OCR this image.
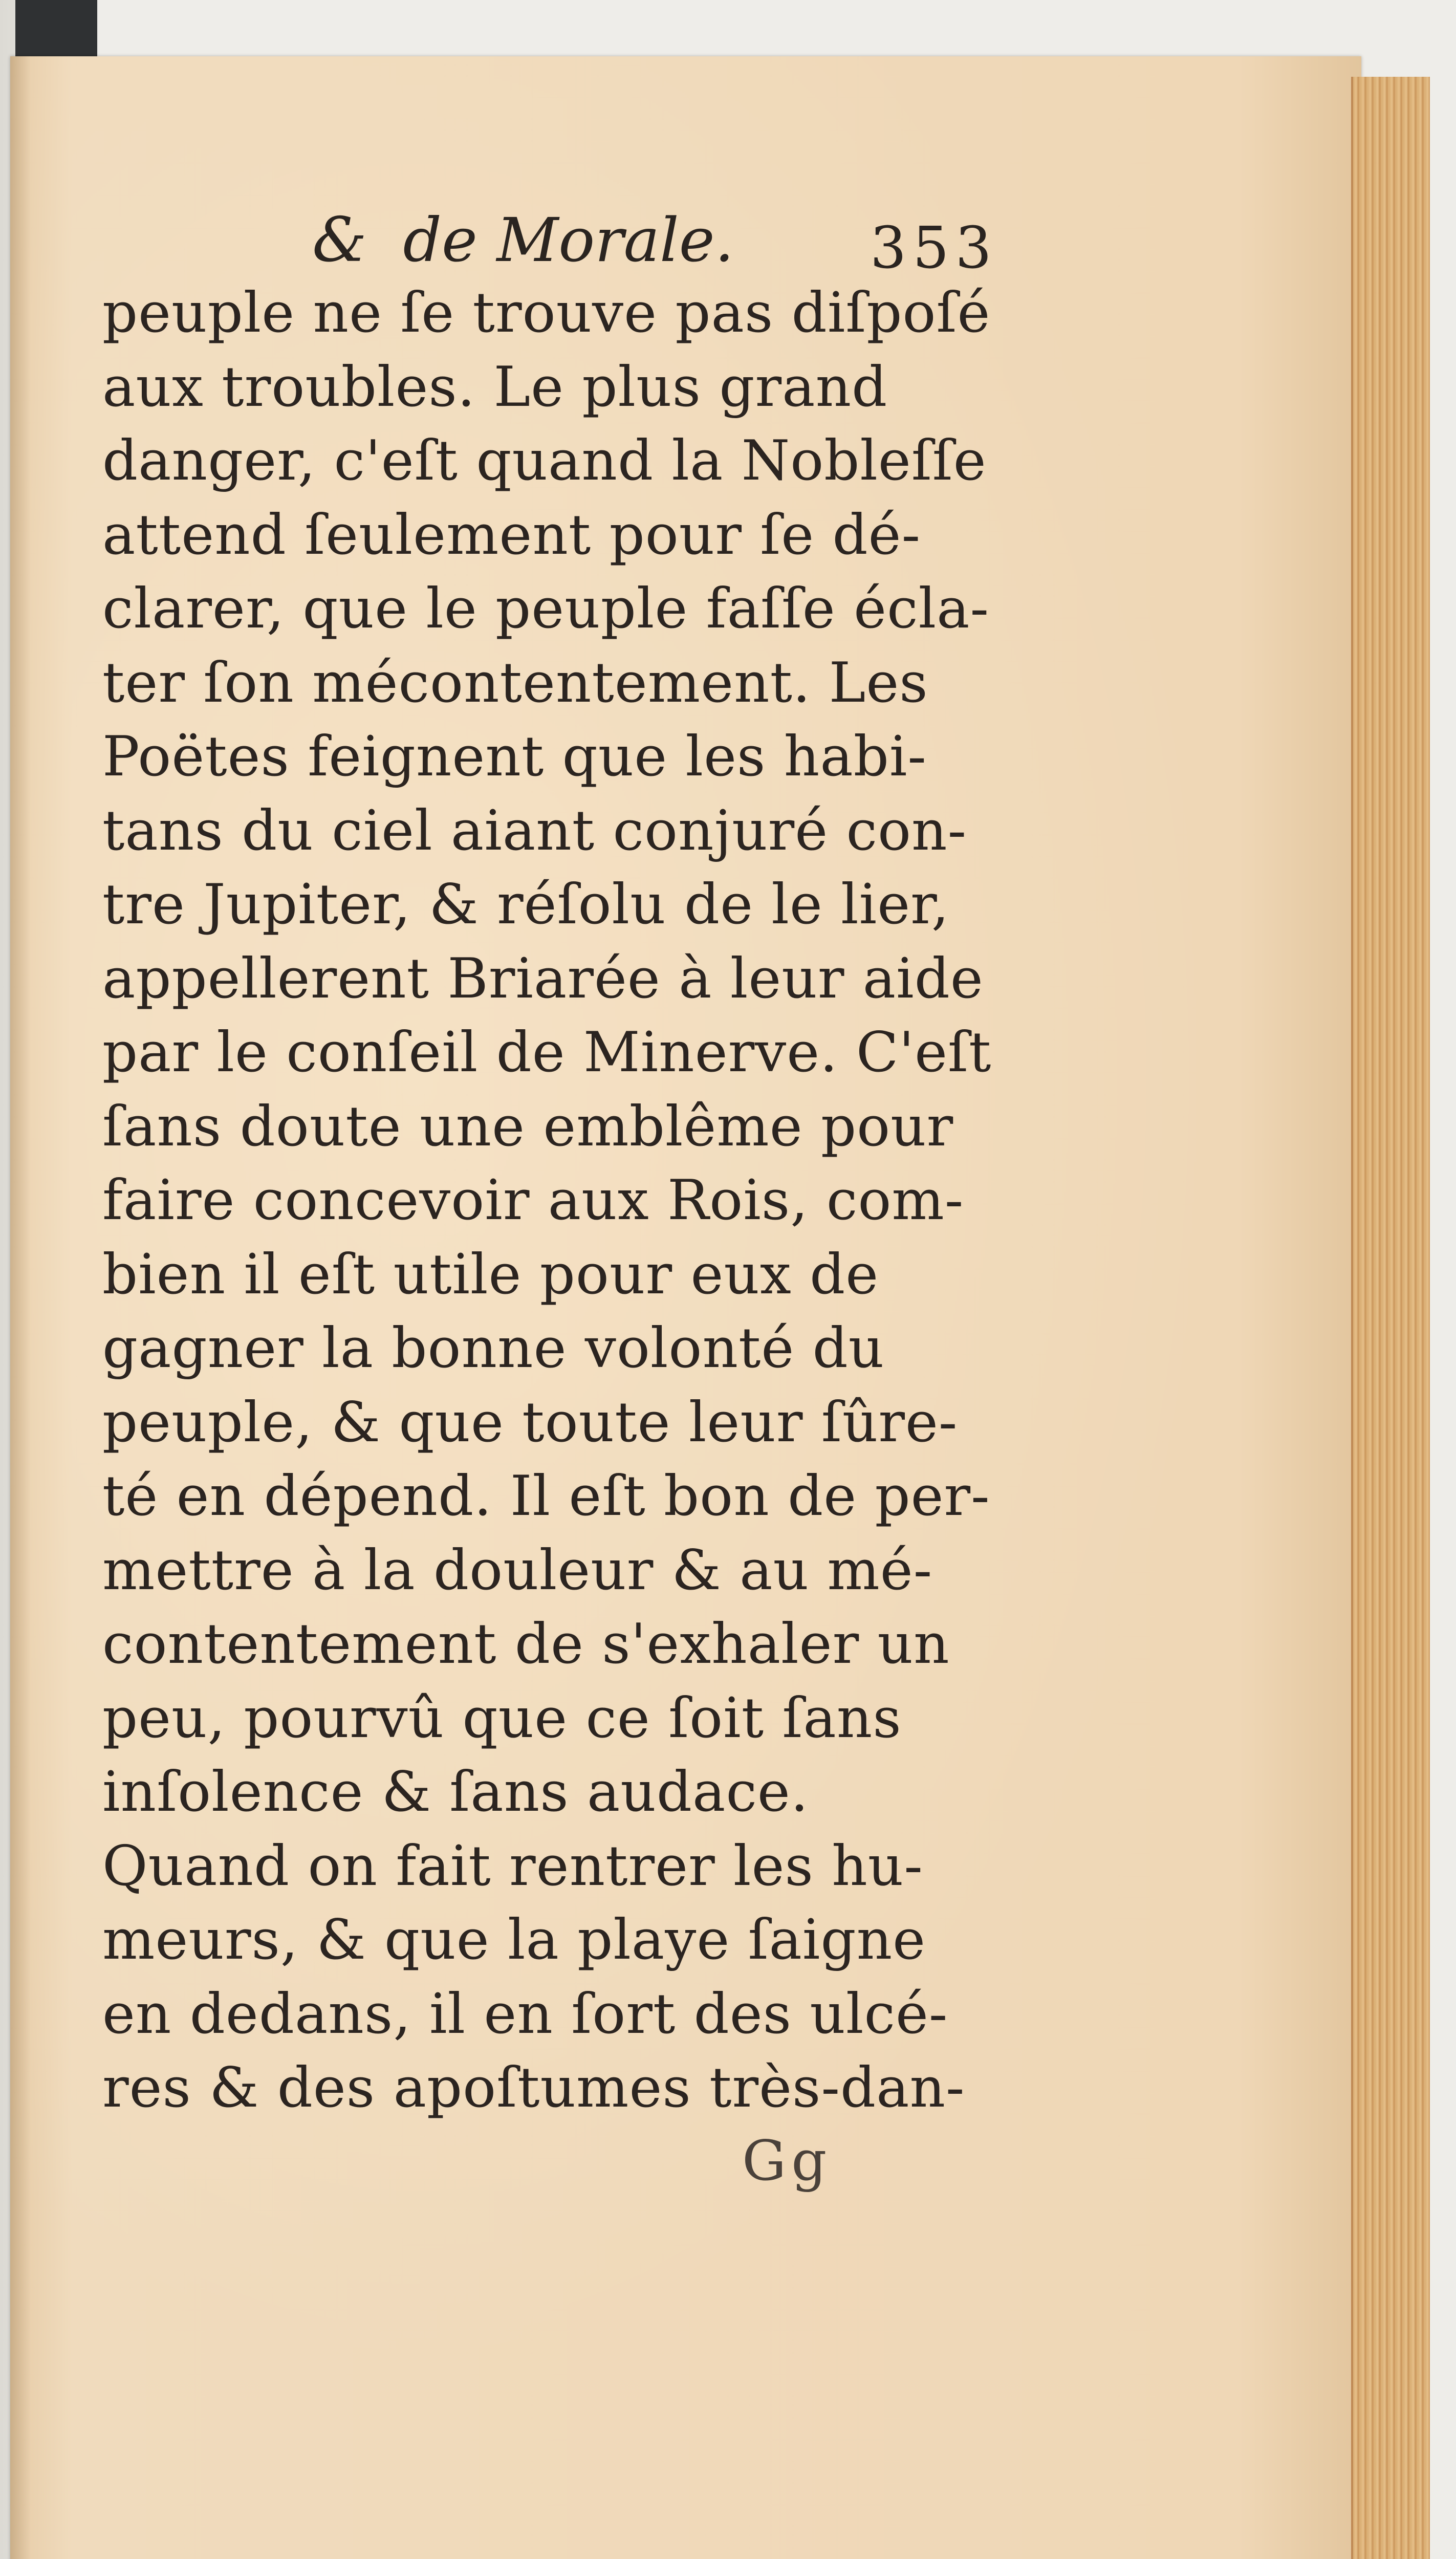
& de Morale.	353
peuple ne ſe trouve pas diſpoſé
aux troubles. Le plus grand
danger, c'eſt quand la Nobleſſe
attend ſeulement pour ſe dé-
clarer, que le peuple faſſe écla-
ter ſon mécontentement. Les
Poëtes feignent que les habi-
tans du ciel aiant conjuré con-
tre Jupiter, & réſolu de le lier,
appellerent Briarée à leur aide
par le conſeil de Minerve. C'eſt
ſans doute une emblême pour
faire concevoir aux Rois, com-
bien il eſt utile pour eux de
gagner la bonne volonté du
peuple, & que toute leur ſûre-
té en dépend. Il eſt bon de per-
mettre à la douleur & au mé-
contentement de s'exhaler un
peu, pourvû que ce ſoit ſans
inſolence & ſans audace.
Quand on fait rentrer les hu-
meurs, & que la playe ſaigne
en dedans, il en ſort des ulcé-
res & des apoſtumes très-dan-
Gg
